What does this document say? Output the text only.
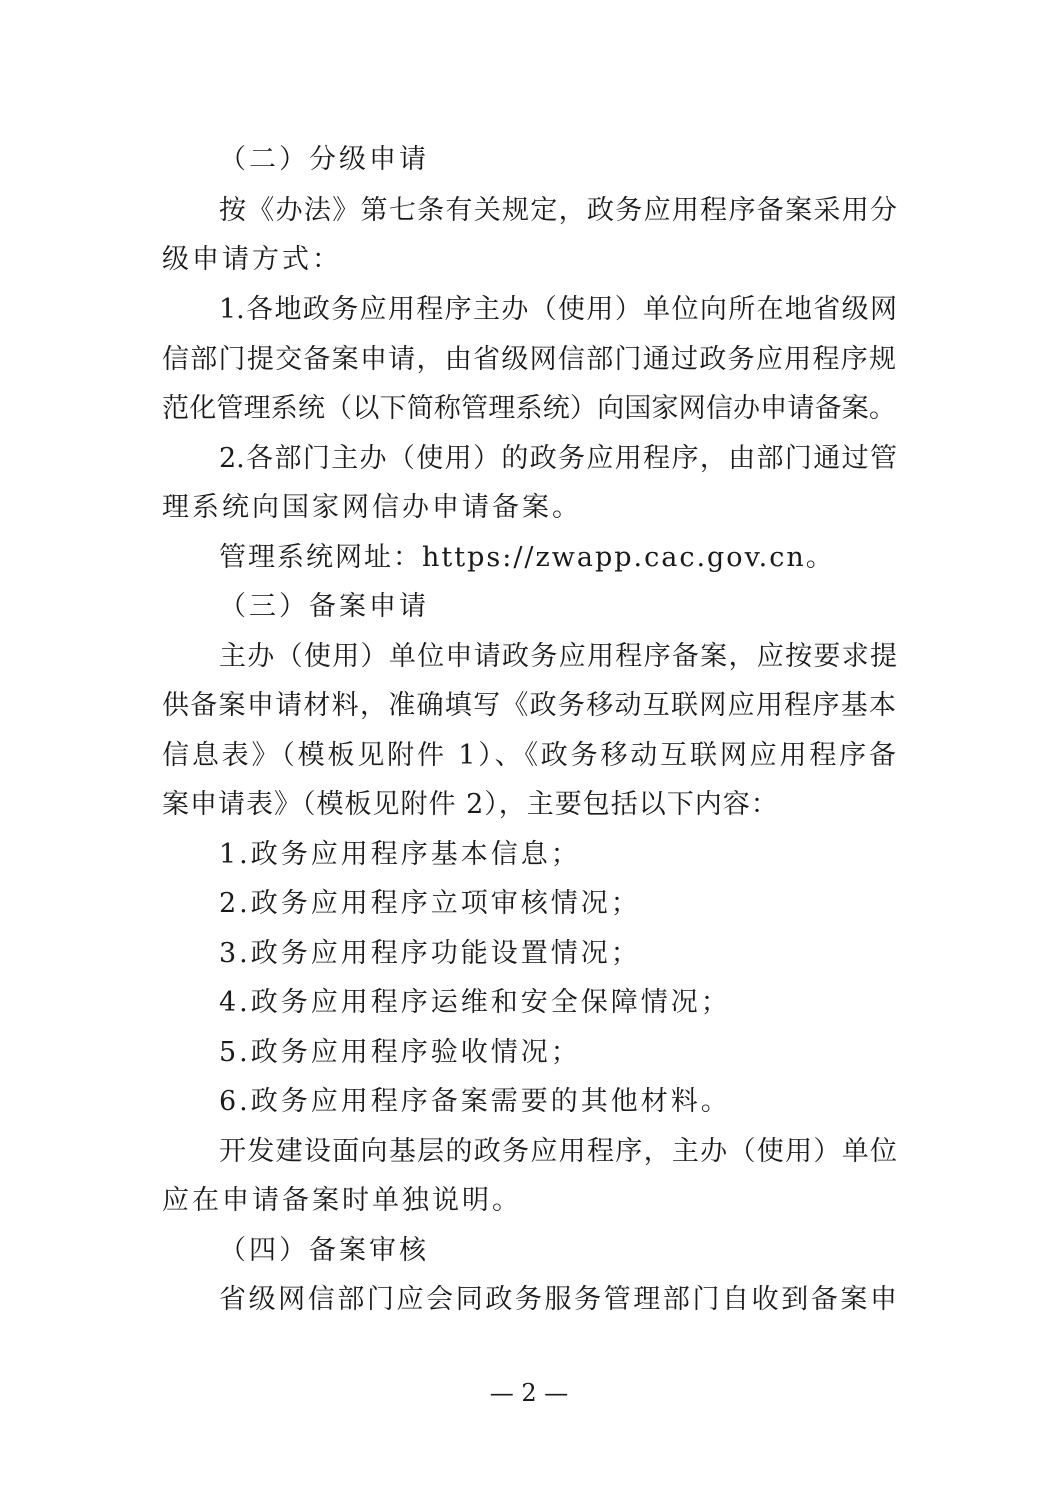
（二）分级申请
按《办法》第七条有关规定，政务应用程序备案采用分
级申请方式：
1.各地政务应用程序主办（使用）单位向所在地省级网
信部门提交备案申请，由省级网信部门通过政务应用程序规
范化管理系统（以下简称管理系统）向国家网信办申请备案。
2.各部门主办（使用）的政务应用程序，由部门通过管
理系统向国家网信办申请备案。
管理系统网址：https://zwapp.cac.gov.cn。
（三）备案申请
主办（使用）单位申请政务应用程序备案，应按要求提
供备案申请材料，准确填写《政务移动互联网应用程序基本
信息表》（模板见附件 1）、《政务移动互联网应用程序备
案申请表》（模板见附件 2），主要包括以下内容：
1.政务应用程序基本信息；
2.政务应用程序立项审核情况；
3.政务应用程序功能设置情况；
4.政务应用程序运维和安全保障情况；
5.政务应用程序验收情况；
6.政务应用程序备案需要的其他材料。
开发建设面向基层的政务应用程序，主办（使用）单位
应在申请备案时单独说明。
（四）备案审核
省级网信部门应会同政务服务管理部门自收到备案申
— 2 —
